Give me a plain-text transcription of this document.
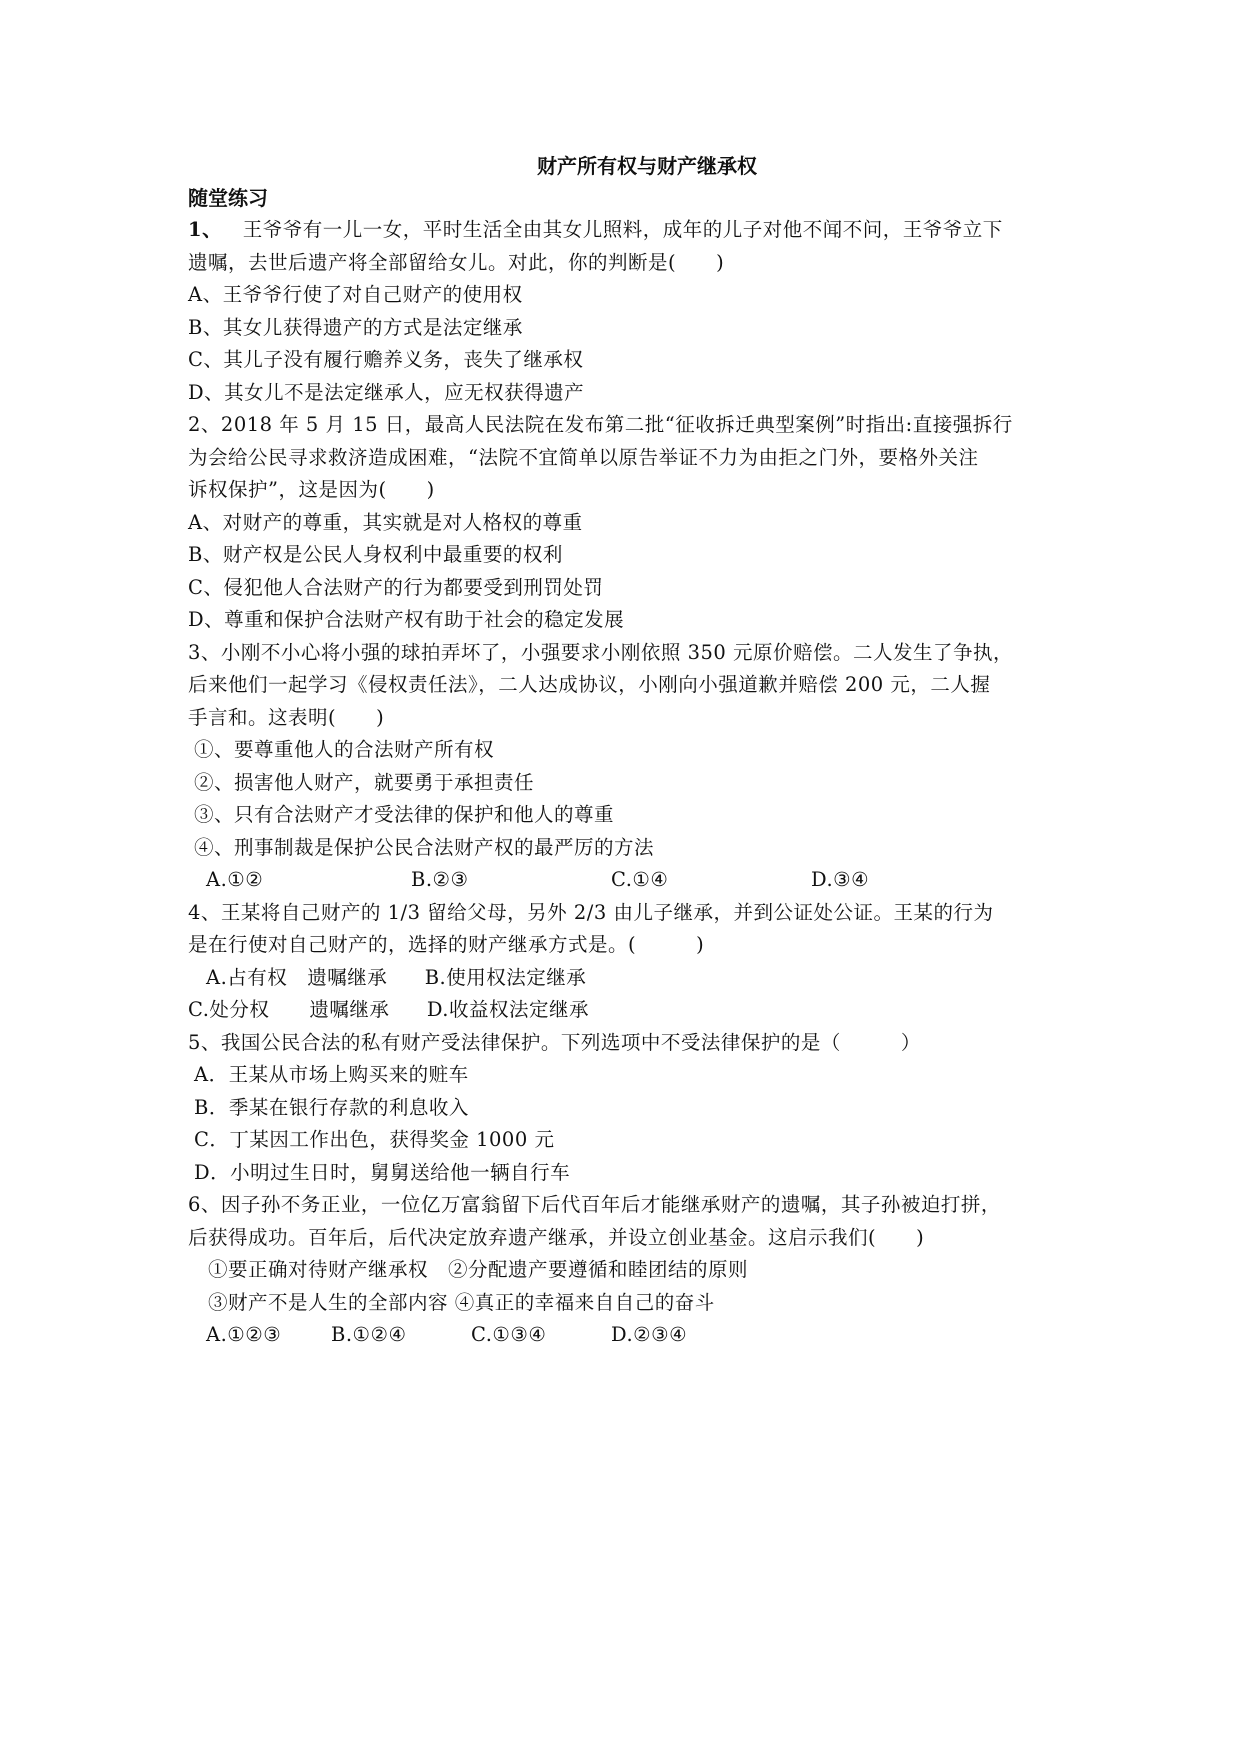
财产所有权与财产继承权
随堂练习
1、 王爷爷有一儿一女，平时生活全由其女儿照料，成年的儿子对他不闻不问，王爷爷立下
遗嘱，去世后遗产将全部留给女儿。对此，你的判断是(　　)
A、王爷爷行使了对自己财产的使用权
B、其女儿获得遗产的方式是法定继承
C、其儿子没有履行赡养义务，丧失了继承权
D、其女儿不是法定继承人，应无权获得遗产
2、2018 年 5 月 15 日，最高人民法院在发布第二批“征收拆迁典型案例”时指出:直接强拆行
为会给公民寻求救济造成困难，“法院不宜简单以原告举证不力为由拒之门外，要格外关注
诉权保护”，这是因为(　　)
A、对财产的尊重，其实就是对人格权的尊重
B、财产权是公民人身权利中最重要的权利
C、侵犯他人合法财产的行为都要受到刑罚处罚
D、尊重和保护合法财产权有助于社会的稳定发展
3、小刚不小心将小强的球拍弄坏了，小强要求小刚依照 350 元原价赔偿。二人发生了争执，
后来他们一起学习《侵权责任法》，二人达成协议，小刚向小强道歉并赔偿 200 元，二人握
手言和。这表明(　　)
①、要尊重他人的合法财产所有权
②、损害他人财产，就要勇于承担责任
③、只有合法财产才受法律的保护和他人的尊重
④、刑事制裁是保护公民合法财产权的最严厉的方法
A.①②	B.②③	C.①④	D.③④
4、王某将自己财产的 1/3 留给父母，另外 2/3 由儿子继承，并到公证处公证。王某的行为
是在行使对自己财产的，选择的财产继承方式是。(　　　)
A.占有权　遗嘱继承 B.使用权法定继承
C.处分权　　遗嘱继承 D.收益权法定继承
5、我国公民合法的私有财产受法律保护。下列选项中不受法律保护的是（　　　）
A．王某从市场上购买来的赃车
B．季某在银行存款的利息收入
C．丁某因工作出色，获得奖金 1000 元
D．小明过生日时，舅舅送给他一辆自行车
6、因子孙不务正业，一位亿万富翁留下后代百年后才能继承财产的遗嘱，其子孙被迫打拼，
后获得成功。百年后，后代决定放弃遗产继承，并设立创业基金。这启示我们(　　)
①要正确对待财产继承权　②分配遗产要遵循和睦团结的原则
③财产不是人生的全部内容 ④真正的幸福来自自己的奋斗
A.①②③	B.①②④	C.①③④	D.②③④
